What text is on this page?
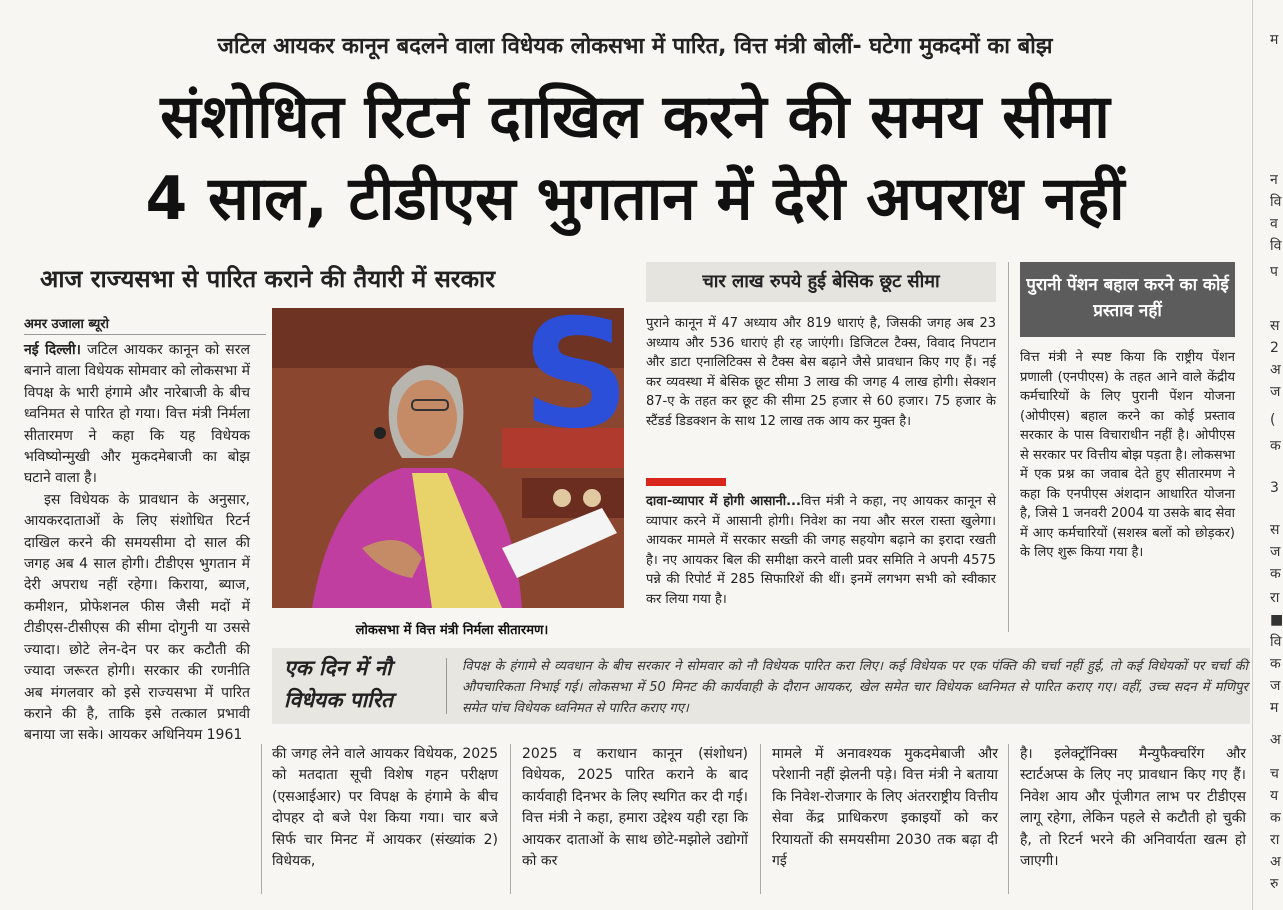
जटिल आयकर कानून बदलने वाला विधेयक लोकसभा में पारित, वित्त मंत्री बोलीं- घटेगा मुकदमों का बोझ
संशोधित रिटर्न दाखिल करने की समय सीमा
4 साल, टीडीएस भुगतान में देरी अपराध नहीं
आज राज्यसभा से पारित कराने की तैयारी में सरकार
अमर उजाला ब्यूरो

नई दिल्ली। जटिल आयकर कानून को सरल बनाने वाला विधेयक सोमवार को लोकसभा में विपक्ष के भारी हंगामे और नारेबाजी के बीच ध्वनिमत से पारित हो गया। वित्त मंत्री निर्मला सीतारमण ने कहा कि यह विधेयक भविष्योन्मुखी और मुकदमेबाजी का बोझ घटाने वाला है।

इस विधेयक के प्रावधान के अनुसार, आयकरदाताओं के लिए संशोधित रिटर्न दाखिल करने की समयसीमा दो साल की जगह अब 4 साल होगी। टीडीएस भुगतान में देरी अपराध नहीं रहेगा। किराया, ब्याज, कमीशन, प्रोफेशनल फीस जैसी मदों में टीडीएस-टीसीएस की सीमा दोगुनी या उससे ज्यादा। छोटे लेन-देन पर कर कटौती की ज्यादा जरूरत होगी। सरकार की रणनीति अब मंगलवार को इसे राज्यसभा में पारित कराने की है, ताकि इसे तत्काल प्रभावी बनाया जा सके। आयकर अधिनियम 1961

S
लोकसभा में वित्त मंत्री निर्मला सीतारमण।
चार लाख रुपये हुई बेसिक छूट सीमा
पुराने कानून में 47 अध्याय और 819 धाराएं है, जिसकी जगह अब 23 अध्याय और 536 धाराएं ही रह जाएंगी। डिजिटल टैक्स, विवाद निपटान और डाटा एनालिटिक्स से टैक्स बेस बढ़ाने जैसे प्रावधान किए गए हैं। नई कर व्यवस्था में बेसिक छूट सीमा 3 लाख की जगह 4 लाख होगी। सेक्शन 87-ए के तहत कर छूट की सीमा 25 हजार से 60 हजार। 75 हजार के स्टैंडर्ड डिडक्शन के साथ 12 लाख तक आय कर मुक्त है।
दावा-व्यापार में होगी आसानी...वित्त मंत्री ने कहा, नए आयकर कानून से व्यापार करने में आसानी होगी। निवेश का नया और सरल रास्ता खुलेगा। आयकर मामले में सरकार सख्ती की जगह सहयोग बढ़ाने का इरादा रखती है। नए आयकर बिल की समीक्षा करने वाली प्रवर समिति ने अपनी 4575 पन्ने की रिपोर्ट में 285 सिफारिशें की थीं। इनमें लगभग सभी को स्वीकार कर लिया गया है।
पुरानी पेंशन बहाल करने का कोई प्रस्ताव नहीं
वित्त मंत्री ने स्पष्ट किया कि राष्ट्रीय पेंशन प्रणाली (एनपीएस) के तहत आने वाले केंद्रीय कर्मचारियों के लिए पुरानी पेंशन योजना (ओपीएस) बहाल करने का कोई प्रस्ताव सरकार के पास विचाराधीन नहीं है। ओपीएस से सरकार पर वित्तीय बोझ पड़ता है। लोकसभा में एक प्रश्न का जवाब देते हुए सीतारमण ने कहा कि एनपीएस अंशदान आधारित योजना है, जिसे 1 जनवरी 2004 या उसके बाद सेवा में आए कर्मचारियों (सशस्त्र बलों को छोड़कर) के लिए शुरू किया गया है।
एक दिन में नौ विधेयक पारित
विपक्ष के हंगामे से व्यवधान के बीच सरकार ने सोमवार को नौ विधेयक पारित करा लिए। कई विधेयक पर एक पंक्ति की चर्चा नहीं हुई, तो कई विधेयकों पर चर्चा की औपचारिकता निभाई गई। लोकसभा में 50 मिनट की कार्यवाही के दौरान आयकर, खेल समेत चार विधेयक ध्वनिमत से पारित कराए गए। वहीं, उच्च सदन में मणिपुर समेत पांच विधेयक ध्वनिमत से पारित कराए गए।
की जगह लेने वाले आयकर विधेयक, 2025 को मतदाता सूची विशेष गहन परीक्षण (एसआईआर) पर विपक्ष के हंगामे के बीच दोपहर दो बजे पेश किया गया। चार बजे सिर्फ चार मिनट में आयकर (संख्यांक 2) विधेयक,
2025 व कराधान कानून (संशोधन) विधेयक, 2025 पारित कराने के बाद कार्यवाही दिनभर के लिए स्थगित कर दी गई। वित्त मंत्री ने कहा, हमारा उद्देश्य यही रहा कि आयकर दाताओं के साथ छोटे-मझोले उद्योगों को कर
मामले में अनावश्यक मुकदमेबाजी और परेशानी नहीं झेलनी पड़े। वित्त मंत्री ने बताया कि निवेश-रोजगार के लिए अंतरराष्ट्रीय वित्तीय सेवा केंद्र प्राधिकरण इकाइयों को कर रियायतों की समयसीमा 2030 तक बढ़ा दी गई
है। इलेक्ट्रॉनिक्स मैन्युफैक्चरिंग और स्टार्टअप्स के लिए नए प्रावधान किए गए हैं। निवेश आय और पूंजीगत लाभ पर टीडीएस लागू रहेगा, लेकिन पहले से कटौती हो चुकी है, तो रिटर्न भरने की अनिवार्यता खत्म हो जाएगी।
म
न
वि
व
वि
प
स
2
अ
ज
(
क
3
स
ज
क
रा
■
वि
क
ज
म
अ
च
य
क
रा
अ
रु
